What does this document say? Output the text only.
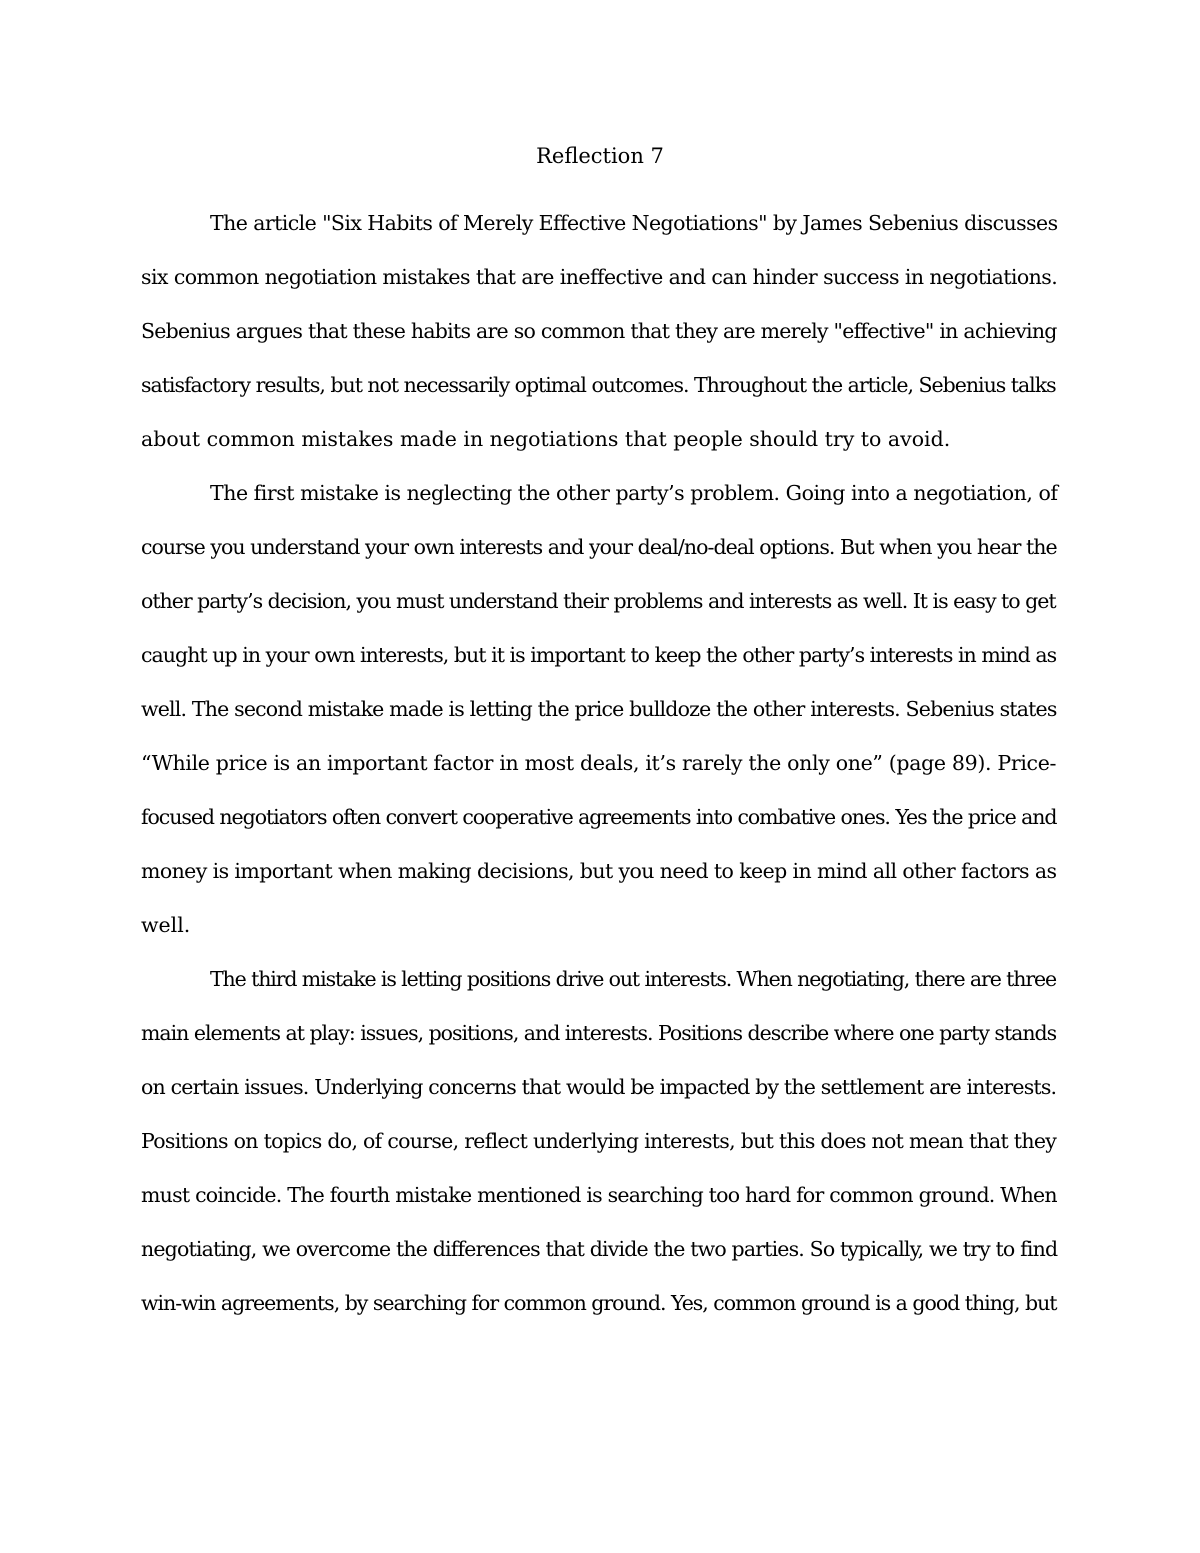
Reflection 7

The article "Six Habits of Merely Effective Negotiations" by James Sebenius discusses

six common negotiation mistakes that are ineffective and can hinder success in negotiations.

Sebenius argues that these habits are so common that they are merely "effective" in achieving

satisfactory results, but not necessarily optimal outcomes. Throughout the article, Sebenius talks

about common mistakes made in negotiations that people should try to avoid.

The first mistake is neglecting the other party’s problem. Going into a negotiation, of

course you understand your own interests and your deal/no-deal options. But when you hear the

other party’s decision, you must understand their problems and interests as well. It is easy to get

caught up in your own interests, but it is important to keep the other party’s interests in mind as

well. The second mistake made is letting the price bulldoze the other interests. Sebenius states

“While price is an important factor in most deals, it’s rarely the only one” (page 89). Price-

focused negotiators often convert cooperative agreements into combative ones. Yes the price and

money is important when making decisions, but you need to keep in mind all other factors as

well.

The third mistake is letting positions drive out interests. When negotiating, there are three

main elements at play: issues, positions, and interests. Positions describe where one party stands

on certain issues. Underlying concerns that would be impacted by the settlement are interests.

Positions on topics do, of course, reflect underlying interests, but this does not mean that they

must coincide. The fourth mistake mentioned is searching too hard for common ground. When

negotiating, we overcome the differences that divide the two parties. So typically, we try to find

win-win agreements, by searching for common ground. Yes, common ground is a good thing, but
